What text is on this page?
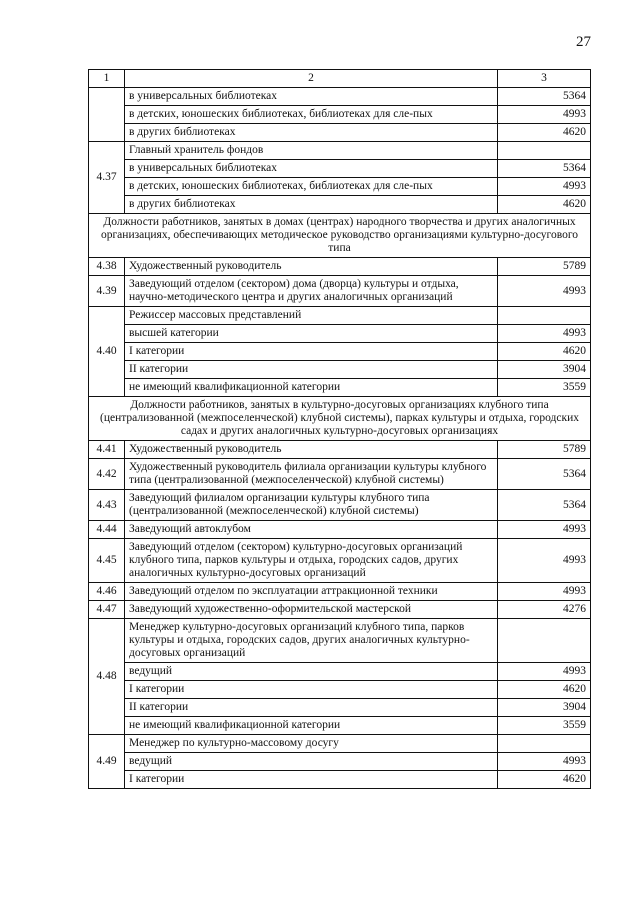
27
1	2	3
	в универсальных библиотеках	5364
	в детских, юношеских библиотеках, библиотеках для сле-пых	4993
	в других библиотеках	4620
4.37	Главный хранитель фондов	
	в универсальных библиотеках	5364
	в детских, юношеских библиотеках, библиотеках для сле-пых	4993
	в других библиотеках	4620
Должности работников, занятых в домах (центрах) народного творчества и других аналогичных организациях, обеспечивающих методическое руководство организациями культурно-досугового типа		
4.38	Художественный руководитель	5789
4.39	Заведующий отделом (сектором) дома (дворца) культуры и отдыха, научно-методического центра и других аналогичных организаций	4993
4.40	Режиссер массовых представлений	
	высшей категории	4993
	I категории	4620
	II категории	3904
	не имеющий квалификационной категории	3559
Должности работников, занятых в культурно-досуговых организациях клубного типа (централизованной (межпоселенческой) клубной системы), парках культуры и отдыха, городских садах и других аналогичных культурно-досуговых организациях		
4.41	Художественный руководитель	5789
4.42	Художественный руководитель филиала организации культуры клубного типа (централизованной (межпоселенческой) клубной системы)	5364
4.43	Заведующий филиалом организации культуры клубного типа (централизованной (межпоселенческой) клубной системы)	5364
4.44	Заведующий автоклубом	4993
4.45	Заведующий отделом (сектором) культурно-досуговых организаций клубного типа, парков культуры и отдыха, городских садов, других аналогичных культурно-досуговых организаций	4993
4.46	Заведующий отделом по эксплуатации аттракционной техники	4993
4.47	Заведующий художественно-оформительской мастерской	4276
4.48	Менеджер культурно-досуговых организаций клубного типа, парков культуры и отдыха, городских садов, других аналогичных культурно-досуговых организаций	
	ведущий	4993
	I категории	4620
	II категории	3904
	не имеющий квалификационной категории	3559
4.49	Менеджер по культурно-массовому досугу	
	ведущий	4993
	I категории	4620
